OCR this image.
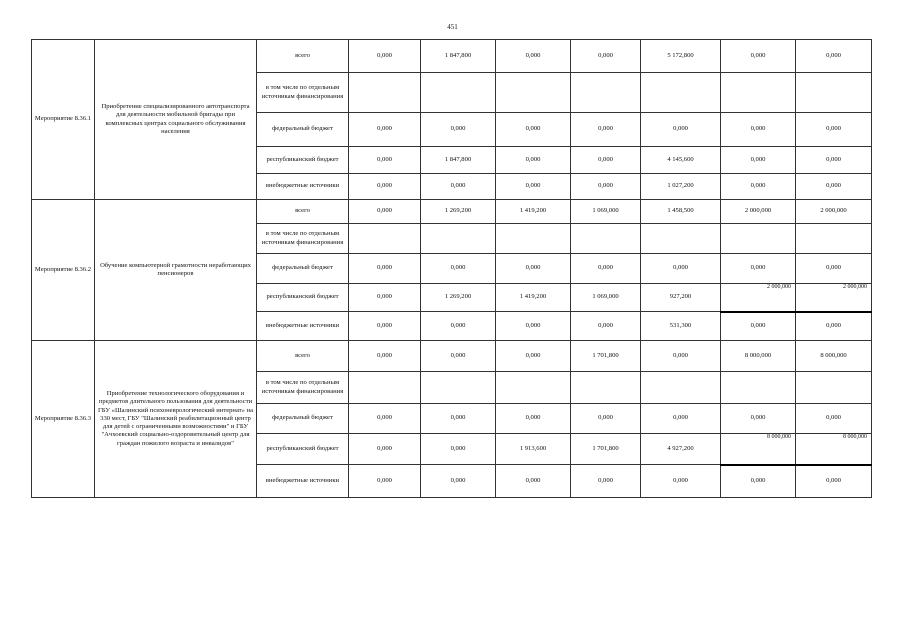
451
Мероприятие 8.36.1	Приобретение специализированного автотранспорта для деятельности мобильной бригады при комплексных центрах социального обслуживания населения	всего	0,000	1 847,800	0,000	0,000	5 172,800	0,000	0,000
		в том числе по отдельным источникам финансирования							
		федеральный бюджет	0,000	0,000	0,000	0,000	0,000	0,000	0,000
		республиканский бюджет	0,000	1 847,800	0,000	0,000	4 145,600	0,000	0,000
		внебюджетные источники	0,000	0,000	0,000	0,000	1 027,200	0,000	0,000
Мероприятие 8.36.2	Обучение компьютерной грамотности неработающих пенсионеров	всего	0,000	1 269,200	1 419,200	1 069,000	1 458,500	2 000,000	2 000,000
		в том числе по отдельным источникам финансирования							
		федеральный бюджет	0,000	0,000	0,000	0,000	0,000	0,000	0,000
		республиканский бюджет	0,000	1 269,200	1 419,200	1 069,000	927,200	2 000,000	2 000,000

		внебюджетные источники	0,000	0,000	0,000	0,000	531,300	0,000	0,000
Мероприятие 8.36.3	Приобретение технологического оборудования и предметов длительного пользования для деятельности ГБУ «Шалинский психоневрологический интернат» на 330 мест, ГБУ "Шалинский реабилитационный центр для детей с ограниченными возможностями" и ГБУ "Ачхоевский социально-оздоровительный центр для граждан пожилого возраста и инвалидов"	всего	0,000	0,000	0,000	1 701,800	0,000	8 000,000	8 000,000
		в том числе по отдельным источникам финансирования							
		федеральный бюджет	0,000	0,000	0,000	0,000	0,000	0,000	0,000
		республиканский бюджет	0,000	0,000	1 913,600	1 701,800	4 927,200	8 000,000	8 000,000

		внебюджетные источники	0,000	0,000	0,000	0,000	0,000	0,000	0,000
